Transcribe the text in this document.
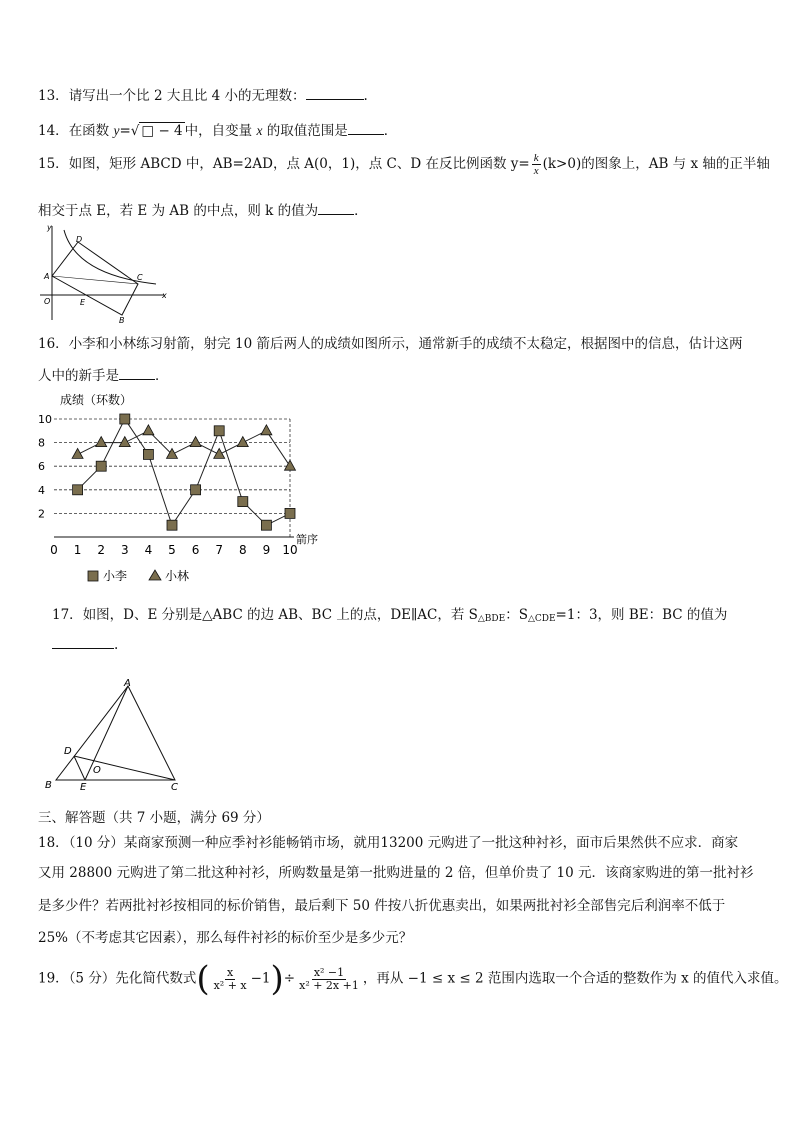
13．请写出一个比 2 大且比 4 小的无理数：	.
14．在函数 y=√ □ − 4 中，自变量 x 的取值范围是	．
15．如图，矩形 ABCD 中，AB=2AD，点 A(0，1)，点 C、D 在反比例函数 $y= \frac{k}{x} (k>0)$的图象上，AB 与 x 轴的正半轴
相交于点 E，若 E 为 AB 的中点，则 k 的值为	．
y
x
O
A
D
C
E
B
16．小李和小林练习射箭，射完 10 箭后两人的成绩如图所示，通常新手的成绩不太稳定，根据图中的信息，估计这两
人中的新手是	．
成绩（环数）
2
4
6
8
10
0 1 2 3 4 5 6 7 8 9 10
箭序
小李	小林
17．如图，D、E 分别是△ABC 的边 AB、BC 上的点，DE∥AC，若 $S_{\triangle BDE}$：$S_{\triangle CDE}=1$：3，则 BE：BC 的值为
.
A
B	C
D
E
O
三、解答题（共 7 小题，满分 69 分）
18．（10 分）某商家预测一种应季衬衫能畅销市场，就用13200 元购进了一批这种衬衫，面市后果然供不应求．商家
又用 28800 元购进了第二批这种衬衫，所购数量是第一批购进量的 2 倍，但单价贵了 10 元．该商家购进的第一批衬衫
是多少件？若两批衬衫按相同的标价销售，最后剩下 50 件按八折优惠卖出，如果两批衬衫全部售完后利润率不低于
25%（不考虑其它因素），那么每件衬衫的标价至少是多少元？
19．（5 分）先化简代数式( $\frac{x}{\text{x² + x}} -1)\div \frac{\text{x² −1}}{\text{x² + 2x +1}}$ ，再从 −1 ≤ x ≤ 2 范围内选取一个合适的整数作为 x 的值代入求值。
